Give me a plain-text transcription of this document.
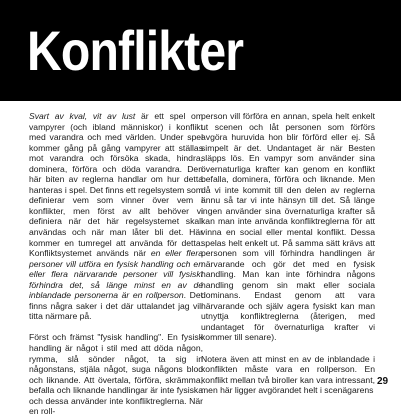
Konflikter

Svart av kval, vit av lust är ett spel om vampyrer (och ibland människor) i konflikt med varandra och med världen. Under spel kommer gång på gång vampyrer att ställas mot varandra och försöka skada, hindra, dominera, förföra och döda varandra. Den här biten av reglerna handlar om hur detta hanteras i spel. Det finns ett regelsystem som definierar vem som vinner över vem i konflikter, men först av allt behöver vi definiera när det här regelsystemet skall användas och när man låter bli det. Här kommer en tumregel att använda för detta: Konfliktsystemet används när en eller flera personer vill utföra en fysisk handling och en eller flera närvarande personer vill fysiskt förhindra det, så länge minst en av de inblandade personerna är en rollperson. Det finns några saker i det där uttalandet jag vill titta närmare på.

Först och främst "fysisk handling". En fysisk handling är något i stil med att döda någon, rymma, slå sönder något, ta sig in någonstans, stjäla något, suga någons blod och liknande. Att övertala, förföra, skrämma, befalla och liknande handlingar är inte fysiska och dessa använder inte konfliktreglerna. När en roll-

person vill förföra en annan, spela helt enkelt ut scenen och låt personen som förförs avgöra huruvida hon blir förförd eller ej. Så simpelt är det. Undantaget är när Besten släpps lös. En vampyr som använder sina övernaturliga krafter kan genom en konflikt befalla, dominera, förföra och liknande. Men då vi inte kommit till den delen av reglerna ännu så tar vi inte hänsyn till det. Så länge ingen använder sina övernaturliga krafter så kan man inte använda konfliktreglerna för att vinna en social eller mental konflikt. Dessa spelas helt enkelt ut. På samma sätt krävs att personen som vill förhindra handlingen är närvarande och gör det med en fysisk handling. Man kan inte förhindra någons handling genom sin makt eller sociala dominans. Endast genom att vara närvarande och själv agera fysiskt kan man utnyttja konfliktreglerna (återigen, med undantaget för övernaturliga krafter vi kommer till senare).

Notera även att minst en av de inblandade i konflikten måste vara en rollperson. En konflikt mellan två biroller kan vara intressant, men här ligger avgörandet helt i scenägarens

29
